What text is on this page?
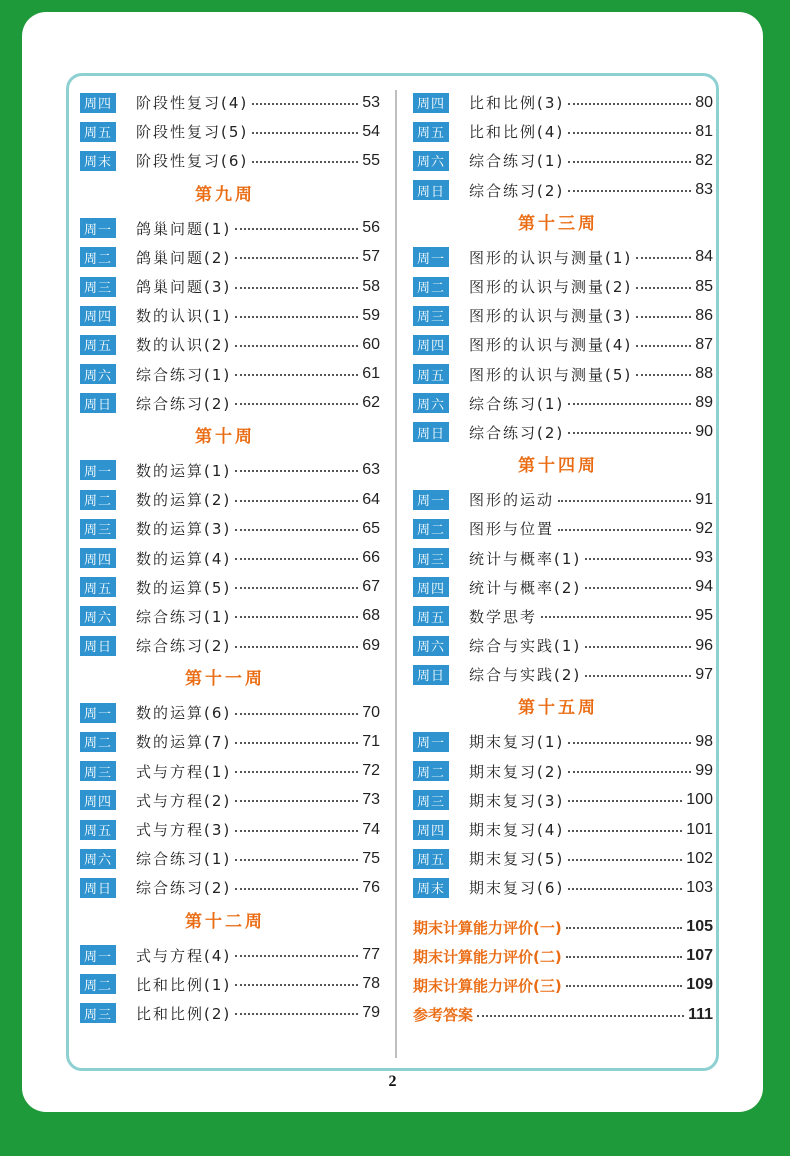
周四 阶段性复习(4)	53
周五 阶段性复习(5)	54
周末 阶段性复习(6)	55
第九周
周一 鸽巢问题(1)	56
周二 鸽巢问题(2)	57
周三 鸽巢问题(3)	58
周四 数的认识(1)	59
周五 数的认识(2)	60
周六 综合练习(1)	61
周日 综合练习(2)	62
第十周
周一 数的运算(1)	63
周二 数的运算(2)	64
周三 数的运算(3)	65
周四 数的运算(4)	66
周五 数的运算(5)	67
周六 综合练习(1)	68
周日 综合练习(2)	69
第十一周
周一 数的运算(6)	70
周二 数的运算(7)	71
周三 式与方程(1)	72
周四 式与方程(2)	73
周五 式与方程(3)	74
周六 综合练习(1)	75
周日 综合练习(2)	76
第十二周
周一 式与方程(4)	77
周二 比和比例(1)	78
周三 比和比例(2)	79
周四 比和比例(3)	80
周五 比和比例(4)	81
周六 综合练习(1)	82
周日 综合练习(2)	83
第十三周
周一 图形的认识与测量(1)	84
周二 图形的认识与测量(2)	85
周三 图形的认识与测量(3)	86
周四 图形的认识与测量(4)	87
周五 图形的认识与测量(5)	88
周六 综合练习(1)	89
周日 综合练习(2)	90
第十四周
周一 图形的运动	91
周二 图形与位置	92
周三 统计与概率(1)	93
周四 统计与概率(2)	94
周五 数学思考	95
周六 综合与实践(1)	96
周日 综合与实践(2)	97
第十五周
周一 期末复习(1)	98
周二 期末复习(2)	99
周三 期末复习(3)	100
周四 期末复习(4)	101
周五 期末复习(5)	102
周末 期末复习(6)	103
期末计算能力评价(一)	105
期末计算能力评价(二)	107
期末计算能力评价(三)	109
参考答案	111
2
